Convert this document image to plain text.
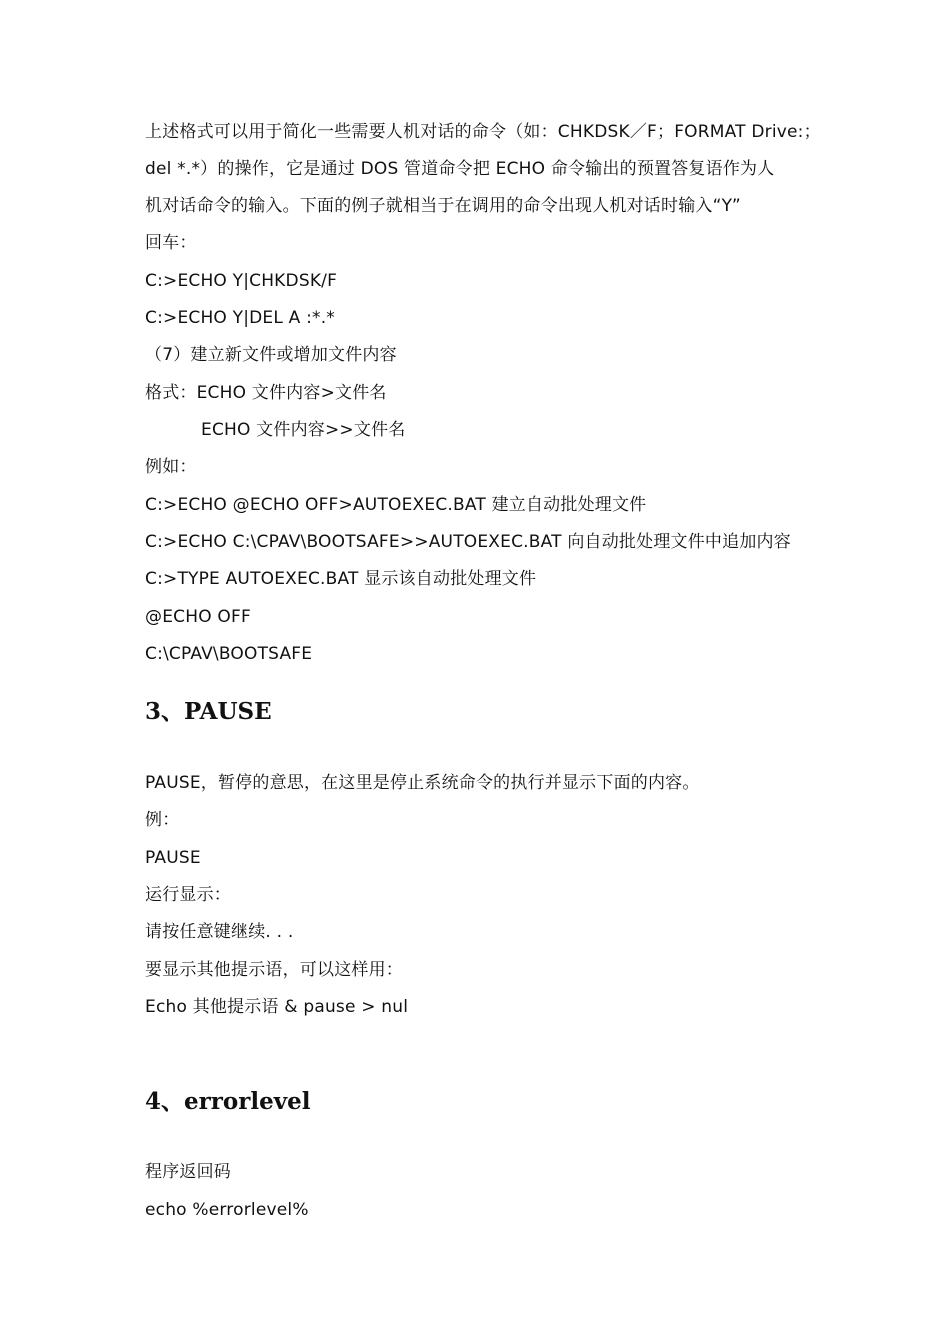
上述格式可以用于简化一些需要人机对话的命令（如：CHKDSK／F；FORMAT Drive:；
del *.*）的操作，它是通过 DOS 管道命令把 ECHO 命令输出的预置答复语作为人
机对话命令的输入。下面的例子就相当于在调用的命令出现人机对话时输入“Y”
回车：
C:>ECHO Y|CHKDSK/F
C:>ECHO Y|DEL A :*.*
（7）建立新文件或增加文件内容
格式：ECHO 文件内容>文件名
ECHO 文件内容>>文件名
例如：
C:>ECHO @ECHO OFF>AUTOEXEC.BAT 建立自动批处理文件
C:>ECHO C:\CPAV\BOOTSAFE>>AUTOEXEC.BAT 向自动批处理文件中追加内容
C:>TYPE AUTOEXEC.BAT 显示该自动批处理文件
@ECHO OFF
C:\CPAV\BOOTSAFE
3、PAUSE
PAUSE，暂停的意思，在这里是停止系统命令的执行并显示下面的内容。
例：
PAUSE
运行显示：
请按任意键继续. . .
要显示其他提示语，可以这样用：
Echo 其他提示语 & pause > nul
4、errorlevel
程序返回码
echo %errorlevel%
